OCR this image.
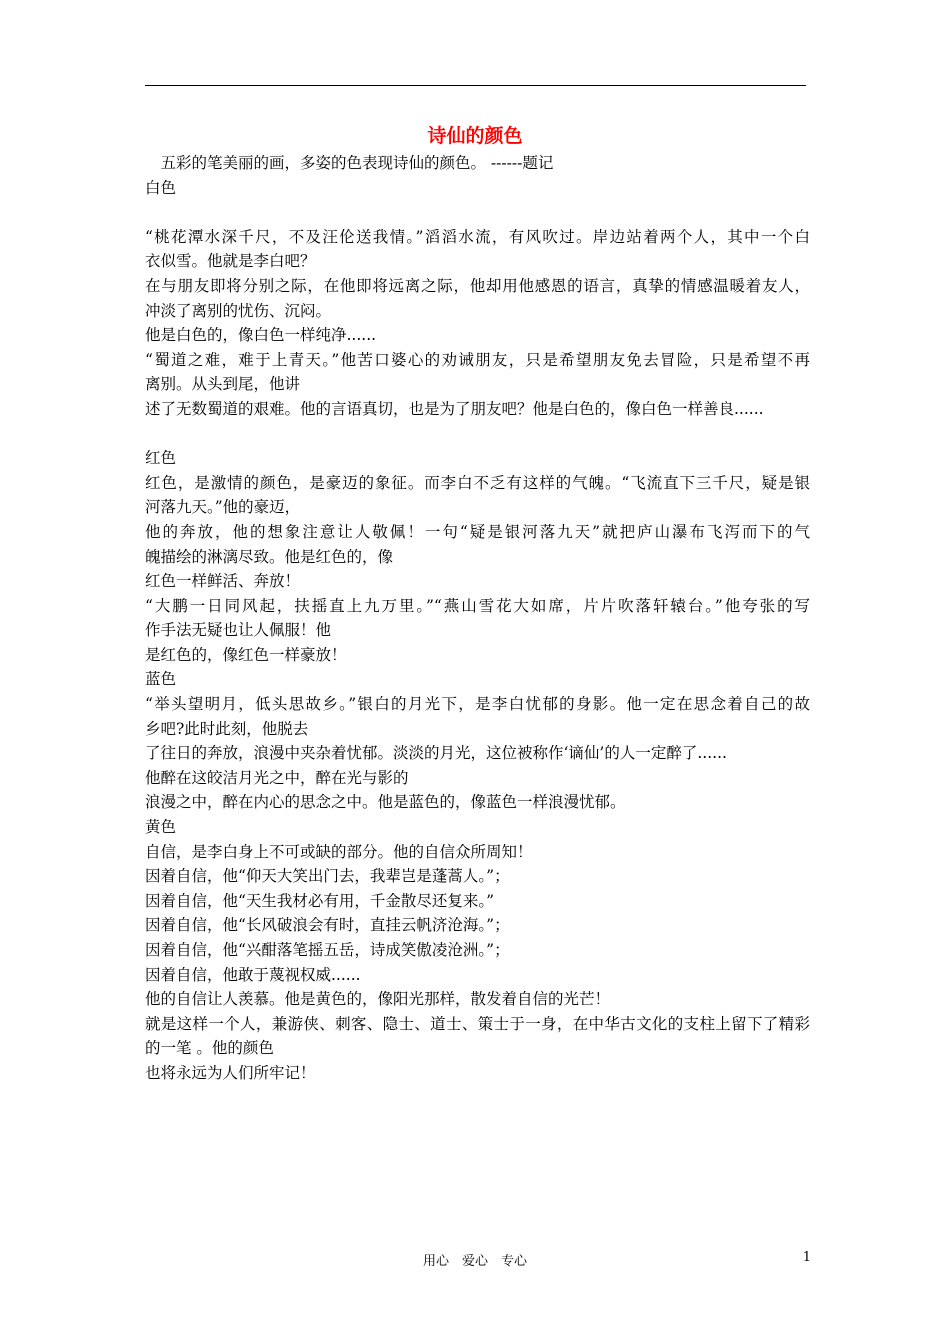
诗仙的颜色
　五彩的笔美丽的画，多姿的色表现诗仙的颜色。 ------题记
白色
“桃花潭水深千尺，不及汪伦送我情。”滔滔水流，有风吹过。岸边站着两个人，其中一个白
衣似雪。他就是李白吧？
在与朋友即将分别之际，在他即将远离之际，他却用他感恩的语言，真挚的情感温暖着友人，
冲淡了离别的忧伤、沉闷。
他是白色的，像白色一样纯净......
“蜀道之难，难于上青天。”他苦口婆心的劝诫朋友，只是希望朋友免去冒险，只是希望不再
离别。从头到尾，他讲
述了无数蜀道的艰难。他的言语真切，也是为了朋友吧？他是白色的，像白色一样善良......
红色
红色，是激情的颜色，是豪迈的象征。而李白不乏有这样的气魄。“飞流直下三千尺，疑是银
河落九天。”他的豪迈，
他的奔放，他的想象注意让人敬佩！一句“疑是银河落九天”就把庐山瀑布飞泻而下的气
魄描绘的淋漓尽致。他是红色的，像
红色一样鲜活、奔放！
“大鹏一日同风起，扶摇直上九万里。”“燕山雪花大如席，片片吹落轩辕台。”他夸张的写
作手法无疑也让人佩服！他
是红色的，像红色一样豪放！
蓝色
“举头望明月，低头思故乡。”银白的月光下，是李白忧郁的身影。他一定在思念着自己的故
乡吧?此时此刻，他脱去
了往日的奔放，浪漫中夹杂着忧郁。淡淡的月光，这位被称作‘谪仙’的人一定醉了......
他醉在这皎洁月光之中，醉在光与影的
浪漫之中，醉在内心的思念之中。他是蓝色的，像蓝色一样浪漫忧郁。
黄色
自信，是李白身上不可或缺的部分。他的自信众所周知！
因着自信，他“仰天大笑出门去，我辈岂是蓬蒿人。”；
因着自信，他“天生我材必有用，千金散尽还复来。”
因着自信，他“长风破浪会有时，直挂云帆济沧海。”；
因着自信，他“兴酣落笔摇五岳，诗成笑傲凌沧洲。”；
因着自信，他敢于蔑视权威......
他的自信让人羡慕。他是黄色的，像阳光那样，散发着自信的光芒！
就是这样一个人，兼游侠、刺客、隐士、道士、策士于一身，在中华古文化的支柱上留下了精彩
的一笔 。他的颜色
也将永远为人们所牢记！
用心　爱心　专心	1
